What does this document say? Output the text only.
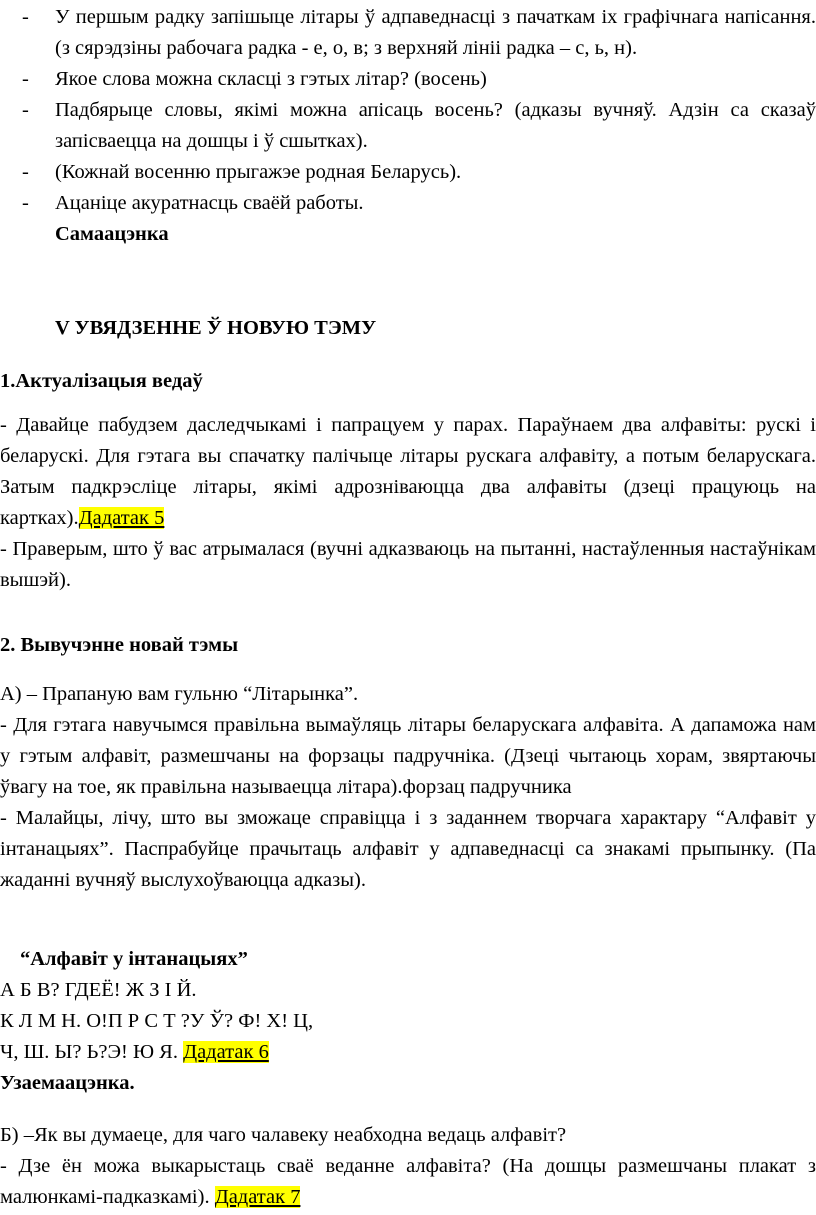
- У першым радку запішыце літары ў адпаведнасці з пачаткам іх графічнага напісання. (з сярэдзіны рабочага радка - е, о, в; з верхняй лініі радка – с, ь, н).
- Якое слова можна скласці з гэтых літар? (восень)
- Падбярыце словы, якімі можна апісаць восень? (адказы вучняў. Адзін са сказаў запісваецца на дошцы і ў сшытках).
- (Кожнай восенню прыгажэе родная Беларусь).
- Ацаніце акуратнасць сваёй работы.
Самаацэнка
V УВЯДЗЕННЕ Ў НОВУЮ ТЭМУ
1.Актуалізацыя ведаў

- Давайце пабудзем даследчыкамі і папрацуем у парах. Параўнаем два алфавіты: рускі і беларускі. Для гэтага вы спачатку палічыце літары рускага алфавіту, а потым беларускага. Затым падкрэсліце літары, якімі адрозніваюцца два алфавіты (дзеці працуюць на картках).Дадатак 5

- Праверым, што ў вас атрымалася (вучні адказваюць на пытанні, настаўленныя настаўнікам вышэй).

2. Вывучэнне новай тэмы

А) – Прапаную вам гульню “Літарынка”.

- Для гэтага навучымся правільна вымаўляць літары беларускага алфавіта. А дапаможа нам у гэтым алфавіт, размешчаны на форзацы падручніка. (Дзеці чытаюць хорам, звяртаючы ўвагу на тое, як правільна называецца літара).форзац падручника

- Малайцы, лічу, што вы зможаце справіцца і з заданнем творчага характару “Алфавіт у інтанацыях”. Паспрабуйце прачытаць алфавіт у адпаведнасці са знакамі прыпынку. (Па жаданні вучняў выслухоўваюцца адказы).

“Алфавіт у інтанацыях”
А Б В? ГДЕЁ! Ж З І Й.
К Л М Н. О!П Р С Т ?У Ў? Ф! Х! Ц,
Ч, Ш. Ы? Ь?Э! Ю Я. Дадатак 6
Узаемаацэнка.

Б) –Як вы думаеце, для чаго чалавеку неабходна ведаць алфавіт?

- Дзе ён можа выкарыстаць сваё веданне алфавіта? (На дошцы размешчаны плакат з малюнкамі-падказкамі). Дадатак 7
